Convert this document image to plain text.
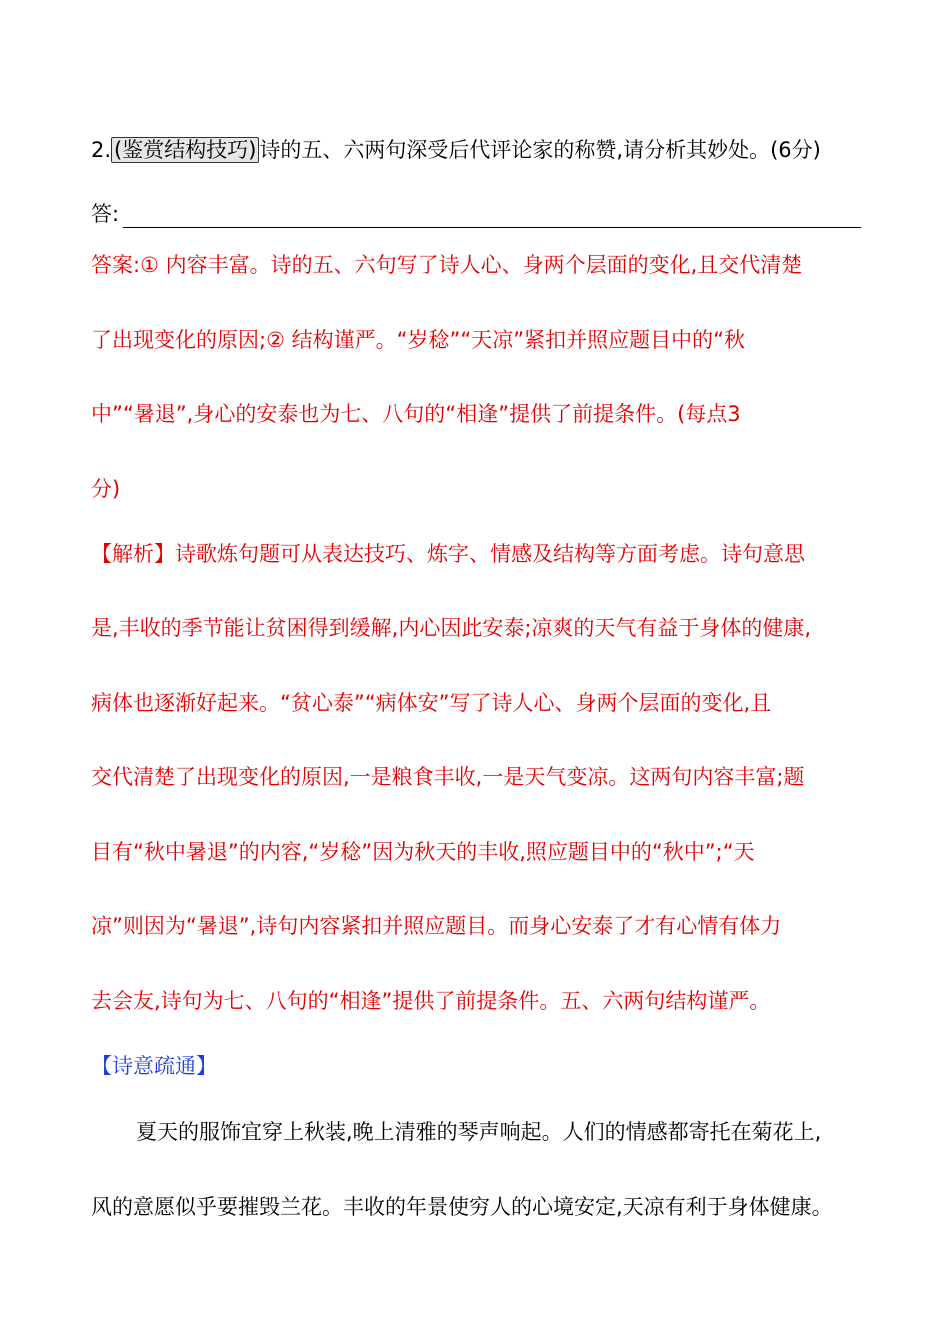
2. (鉴赏结构技巧) 诗的五、六两句深受后代评论家的称赞,请分析其妙处。(6分)
答:
答案:① 内容丰富。诗的五、六句写了诗人心、身两个层面的变化,且交代清楚
了出现变化的原因;② 结构谨严。“岁稔”“天凉”紧扣并照应题目中的“秋
中”“暑退”,身心的安泰也为七、八句的“相逢”提供了前提条件。(每点3
分)
【解析】诗歌炼句题可从表达技巧、炼字、情感及结构等方面考虑。诗句意思
是,丰收的季节能让贫困得到缓解,内心因此安泰;凉爽的天气有益于身体的健康,
病体也逐渐好起来。“贫心泰”“病体安”写了诗人心、身两个层面的变化,且
交代清楚了出现变化的原因,一是粮食丰收,一是天气变凉。这两句内容丰富;题
目有“秋中暑退”的内容,“岁稔”因为秋天的丰收,照应题目中的“秋中”;“天
凉”则因为“暑退”,诗句内容紧扣并照应题目。而身心安泰了才有心情有体力
去会友,诗句为七、八句的“相逢”提供了前提条件。五、六两句结构谨严。
【诗意疏通】
夏天的服饰宜穿上秋装,晚上清雅的琴声响起。人们的情感都寄托在菊花上,
风的意愿似乎要摧毁兰花。丰收的年景使穷人的心境安定,天凉有利于身体健康。
